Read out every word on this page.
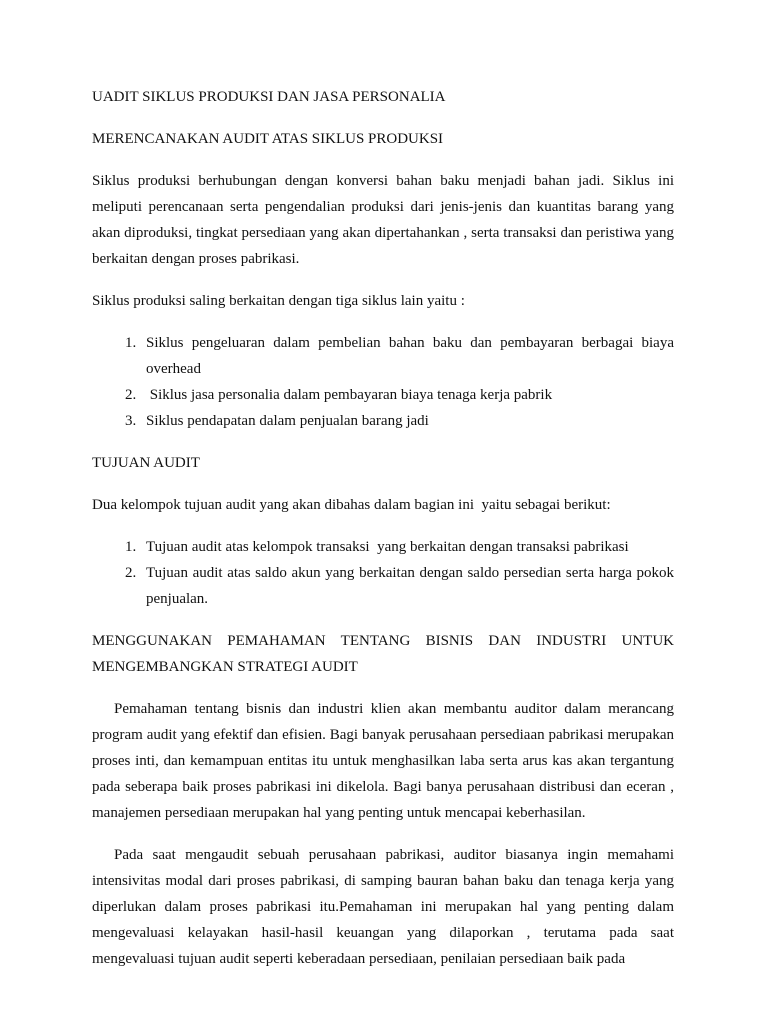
UADIT SIKLUS PRODUKSI DAN JASA PERSONALIA

MERENCANAKAN AUDIT ATAS SIKLUS PRODUKSI

Siklus produksi berhubungan dengan konversi bahan baku menjadi bahan jadi. Siklus ini meliputi perencanaan serta pengendalian produksi dari jenis-jenis dan kuantitas barang yang akan diproduksi, tingkat persediaan yang akan dipertahankan , serta transaksi dan peristiwa yang berkaitan dengan proses pabrikasi.

Siklus produksi saling berkaitan dengan tiga siklus lain yaitu :

1. Siklus pengeluaran dalam pembelian bahan baku dan pembayaran berbagai biaya overhead
2.  Siklus jasa personalia dalam pembayaran biaya tenaga kerja pabrik
3. Siklus pendapatan dalam penjualan barang jadi

TUJUAN AUDIT

Dua kelompok tujuan audit yang akan dibahas dalam bagian ini  yaitu sebagai berikut:

1. Tujuan audit atas kelompok transaksi  yang berkaitan dengan transaksi pabrikasi
2. Tujuan audit atas saldo akun yang berkaitan dengan saldo persedian serta harga pokok penjualan.

MENGGUNAKAN PEMAHAMAN TENTANG BISNIS DAN INDUSTRI UNTUK MENGEMBANGKAN STRATEGI AUDIT

Pemahaman tentang bisnis dan industri klien akan membantu auditor dalam merancang program audit yang efektif dan efisien. Bagi banyak perusahaan persediaan pabrikasi merupakan proses inti, dan kemampuan entitas itu untuk menghasilkan laba serta arus kas akan tergantung pada seberapa baik proses pabrikasi ini dikelola. Bagi banya perusahaan distribusi dan eceran , manajemen persediaan merupakan hal yang penting untuk mencapai keberhasilan.

Pada saat mengaudit sebuah perusahaan pabrikasi, auditor biasanya ingin memahami intensivitas modal dari proses pabrikasi, di samping bauran bahan baku dan tenaga kerja yang diperlukan dalam proses pabrikasi itu.Pemahaman ini merupakan hal yang penting dalam mengevaluasi kelayakan hasil-hasil keuangan yang dilaporkan , terutama pada saat mengevaluasi tujuan audit seperti keberadaan persediaan, penilaian persediaan baik pada
